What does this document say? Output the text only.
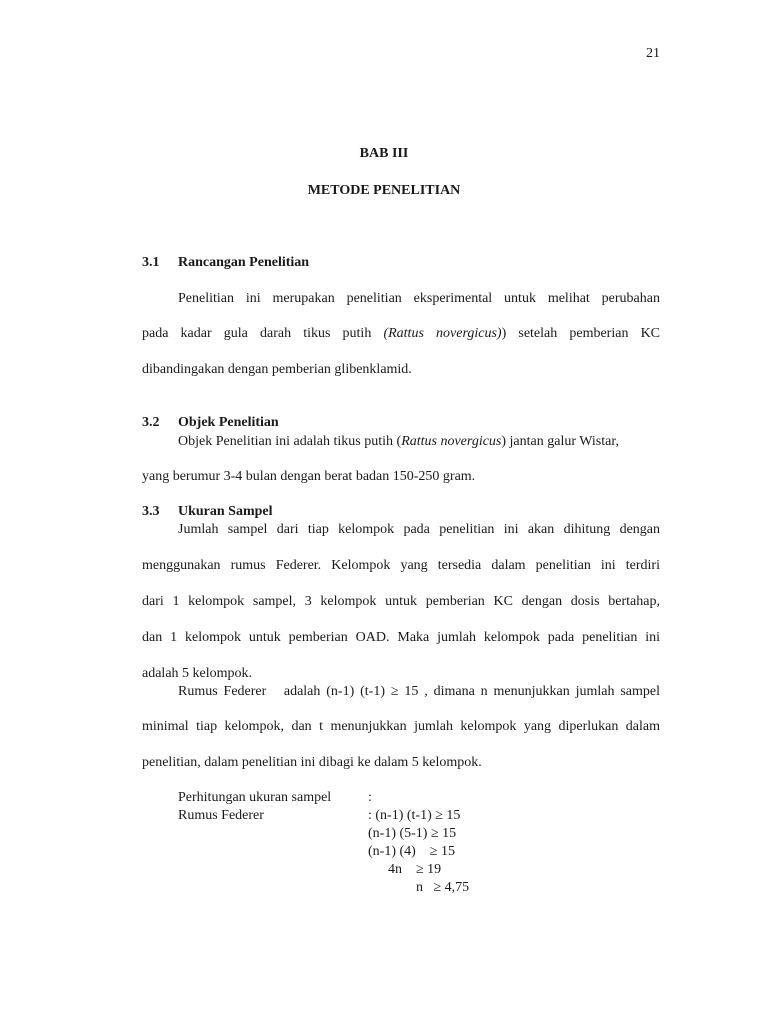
21
BAB III
METODE PENELITIAN
3.1 Rancangan Penelitian
Penelitian ini merupakan penelitian eksperimental untuk melihat perubahan
pada kadar gula darah tikus putih (Rattus novergicus)) setelah pemberian KC
dibandingakan dengan pemberian glibenklamid.
3.2 Objek Penelitian
Objek Penelitian ini adalah tikus putih (Rattus novergicus) jantan galur Wistar,
yang berumur 3-4 bulan dengan berat badan 150-250 gram.
3.3 Ukuran Sampel
Jumlah sampel dari tiap kelompok pada penelitian ini akan dihitung dengan
menggunakan rumus Federer. Kelompok yang tersedia dalam penelitian ini terdiri
dari 1 kelompok sampel, 3 kelompok untuk pemberian KC dengan dosis bertahap,
dan 1 kelompok untuk pemberian OAD. Maka jumlah kelompok pada penelitian ini
adalah 5 kelompok.
Rumus Federer   adalah (n-1) (t-1) ≥ 15 , dimana n menunjukkan jumlah sampel
minimal tiap kelompok, dan t menunjukkan jumlah kelompok yang diperlukan dalam
penelitian, dalam penelitian ini dibagi ke dalam 5 kelompok.
Perhitungan ukuran sampel	:
Rumus Federer	: (n-1) (t-1) ≥ 15
(n-1) (5-1) ≥ 15
(n-1) (4)    ≥ 15
4n    ≥ 19
n   ≥ 4,75
